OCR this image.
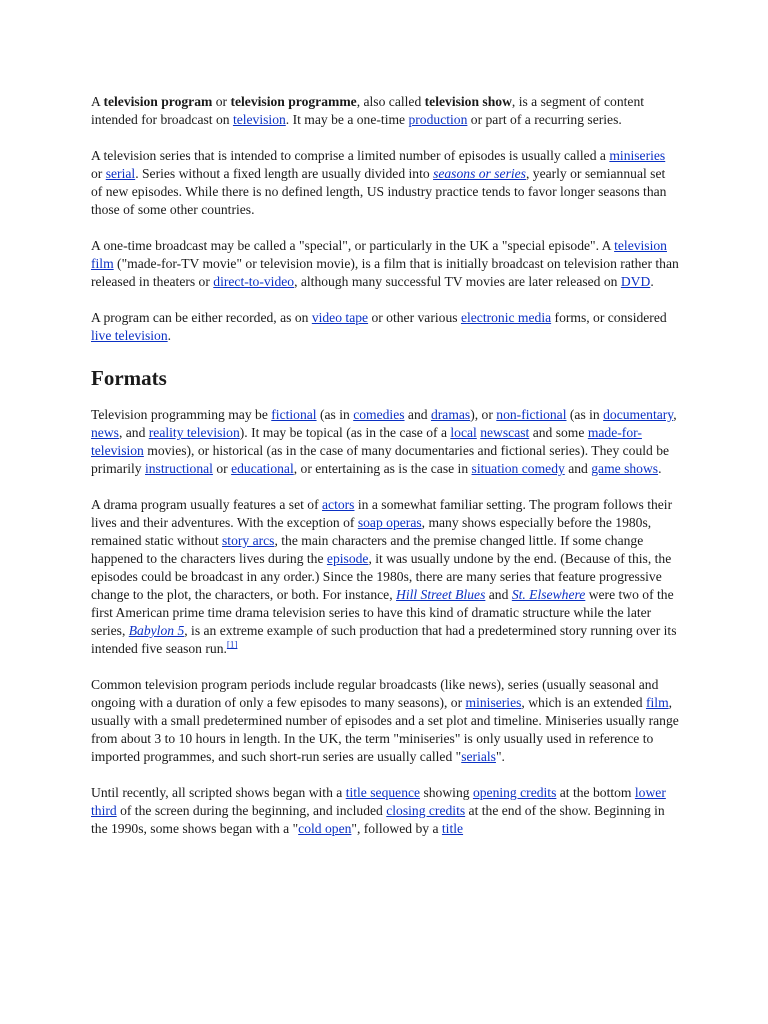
A television program or television programme, also called television show, is a segment of content intended for broadcast on television. It may be a one-time production or part of a recurring series.

A television series that is intended to comprise a limited number of episodes is usually called a miniseries or serial. Series without a fixed length are usually divided into seasons or series, yearly or semiannual set of new episodes. While there is no defined length, US industry practice tends to favor longer seasons than those of some other countries.

A one-time broadcast may be called a "special", or particularly in the UK a "special episode". A television film ("made-for-TV movie" or television movie), is a film that is initially broadcast on television rather than released in theaters or direct-to-video, although many successful TV movies are later released on DVD.

A program can be either recorded, as on video tape or other various electronic media forms, or considered live television.

Formats

Television programming may be fictional (as in comedies and dramas), or non-fictional (as in documentary, news, and reality television). It may be topical (as in the case of a local newscast and some made-for-television movies), or historical (as in the case of many documentaries and fictional series). They could be primarily instructional or educational, or entertaining as is the case in situation comedy and game shows.

A drama program usually features a set of actors in a somewhat familiar setting. The program follows their lives and their adventures. With the exception of soap operas, many shows especially before the 1980s, remained static without story arcs, the main characters and the premise changed little. If some change happened to the characters lives during the episode, it was usually undone by the end. (Because of this, the episodes could be broadcast in any order.) Since the 1980s, there are many series that feature progressive change to the plot, the characters, or both. For instance, Hill Street Blues and St. Elsewhere were two of the first American prime time drama television series to have this kind of dramatic structure while the later series, Babylon 5, is an extreme example of such production that had a predetermined story running over its intended five season run.[1]

Common television program periods include regular broadcasts (like news), series (usually seasonal and ongoing with a duration of only a few episodes to many seasons), or miniseries, which is an extended film, usually with a small predetermined number of episodes and a set plot and timeline. Miniseries usually range from about 3 to 10 hours in length. In the UK, the term "miniseries" is only usually used in reference to imported programmes, and such short-run series are usually called "serials".

Until recently, all scripted shows began with a title sequence showing opening credits at the bottom lower third of the screen during the beginning, and included closing credits at the end of the show. Beginning in the 1990s, some shows began with a "cold open", followed by a title
